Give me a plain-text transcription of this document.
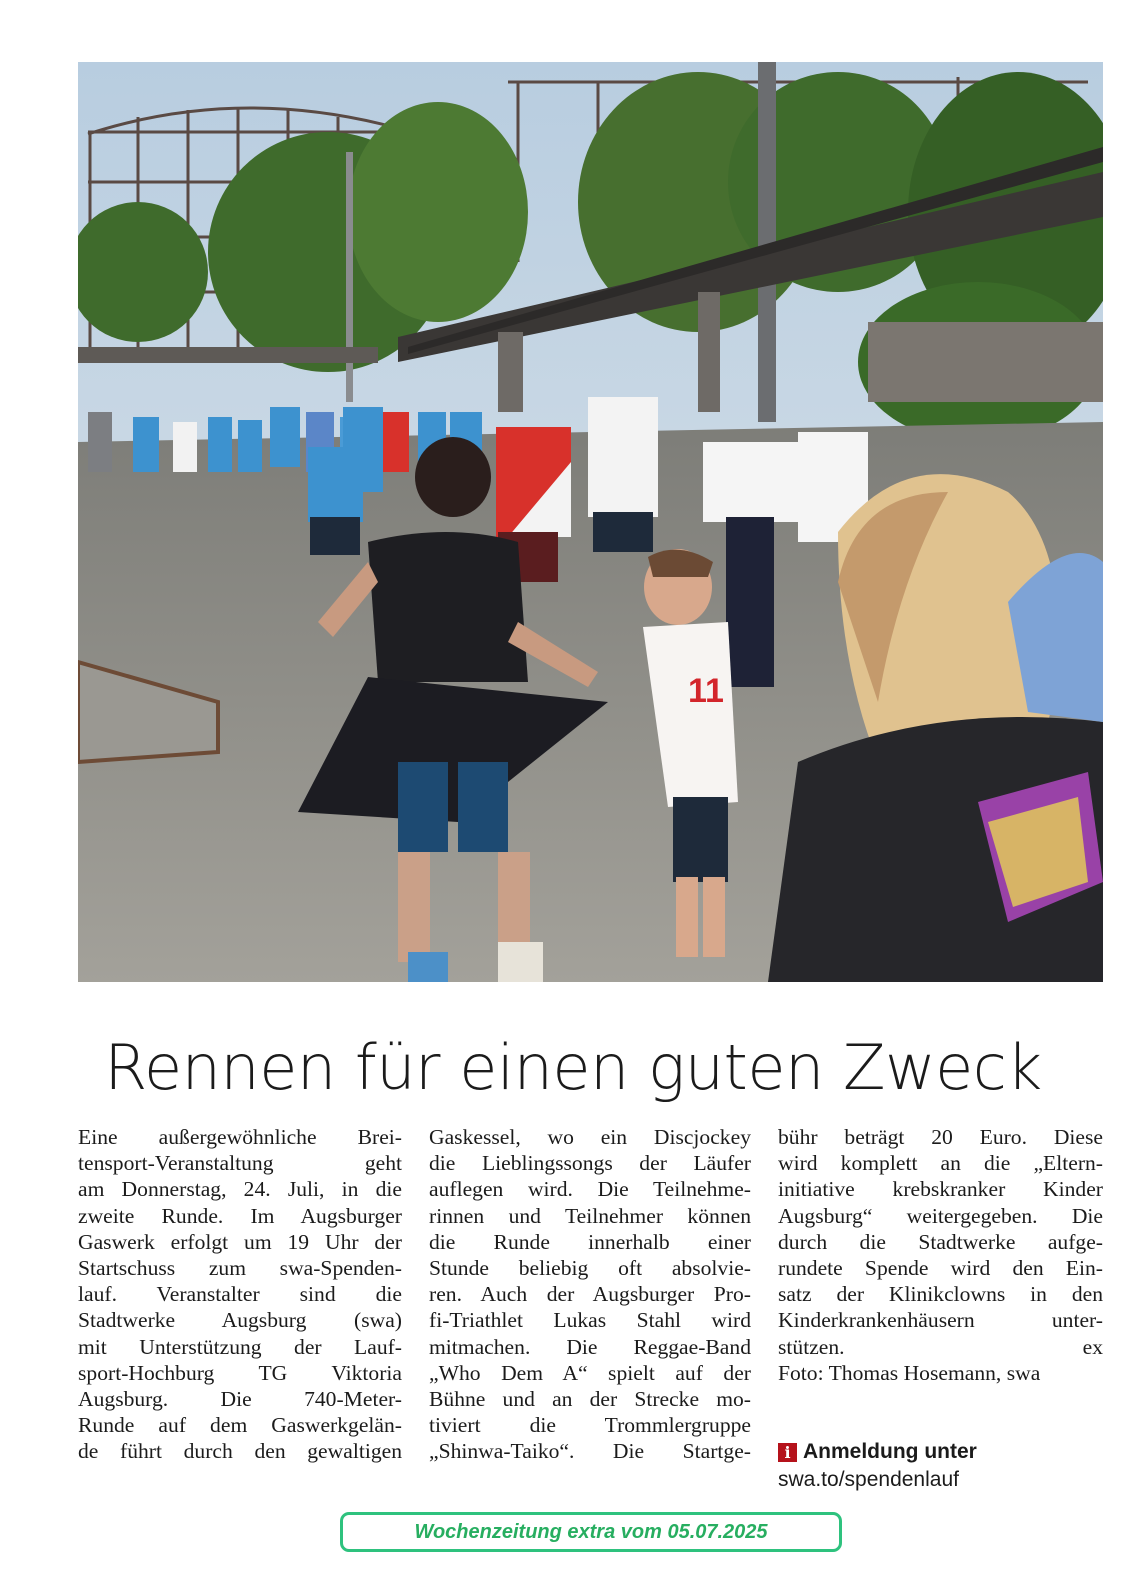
11
Rennen für einen guten Zweck
Eine außergewöhnliche Brei-
tensport-Veranstaltung geht
am Donnerstag, 24. Juli, in die
zweite Runde. Im Augsburger
Gaswerk erfolgt um 19 Uhr der
Startschuss zum swa-Spenden-
lauf. Veranstalter sind die
Stadtwerke Augsburg (swa)
mit Unterstützung der Lauf-
sport-Hochburg TG Viktoria
Augsburg. Die 740-Meter-
Runde auf dem Gaswerkgelän-
de führt durch den gewaltigen
Gaskessel, wo ein Discjockey
die Lieblingssongs der Läufer
auflegen wird. Die Teilnehme-
rinnen und Teilnehmer können
die Runde innerhalb einer
Stunde beliebig oft absolvie-
ren. Auch der Augsburger Pro-
fi-Triathlet Lukas Stahl wird
mitmachen. Die Reggae-Band
„Who Dem A“ spielt auf der
Bühne und an der Strecke mo-
tiviert die Trommlergruppe
„Shinwa-Taiko“. Die Startge-
bühr beträgt 20 Euro. Diese
wird komplett an die „Eltern-
initiative krebskranker Kinder
Augsburg“ weitergegeben. Die
durch die Stadtwerke aufge-
rundete Spende wird den Ein-
satz der Klinikclowns in den
Kinderkrankenhäusern unter-
stützen. ex
Foto: Thomas Hosemann, swa
i Anmeldung unter
swa.to/spendenlauf
Wochenzeitung extra vom 05.07.2025
